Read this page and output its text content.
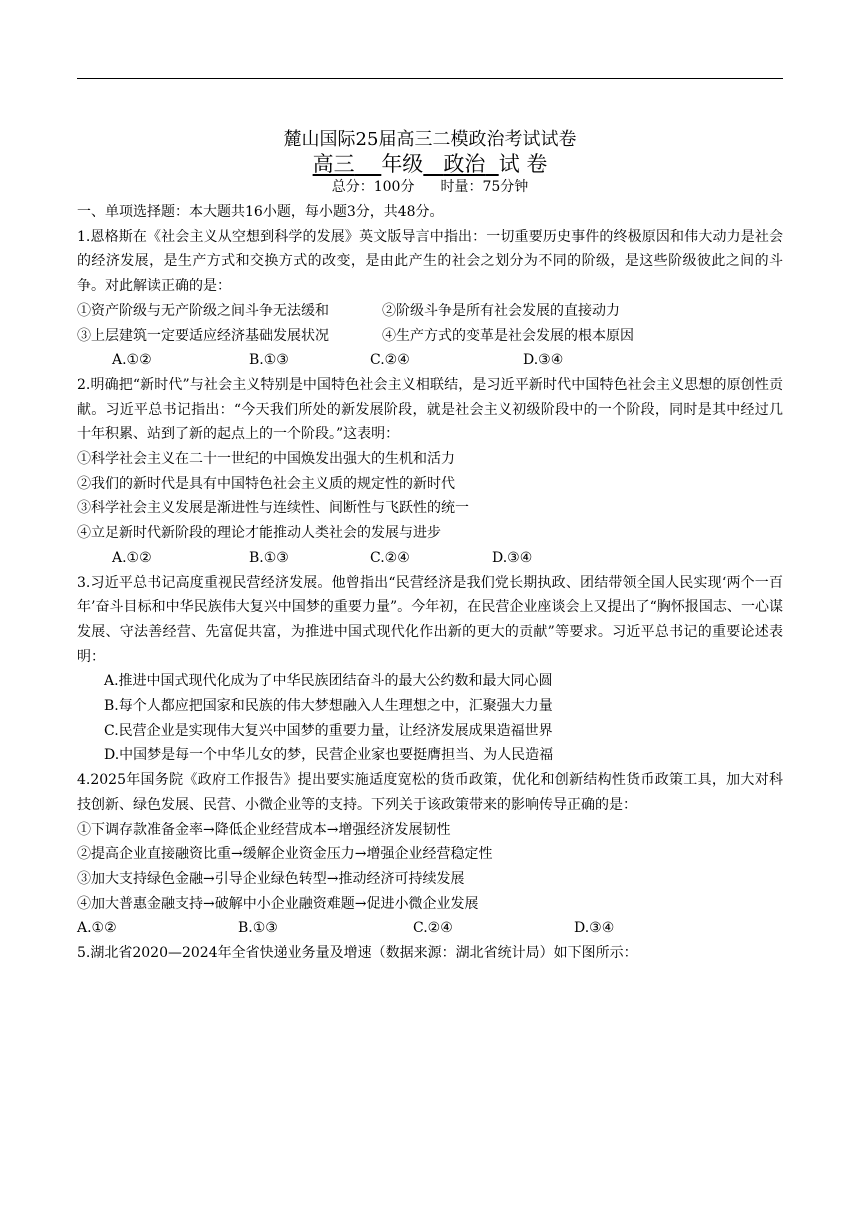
麓山国际25届高三二模政治考试试卷
高三 年级 政治 试 卷
总分：100分 时量：75分钟

一、单项选择题：本大题共16小题，每小题3分，共48分。

1.恩格斯在《社会主义从空想到科学的发展》英文版导言中指出：一切重要历史事件的终极原因和伟大动力是社会的经济发展，是生产方式和交换方式的改变，是由此产生的社会之划分为不同的阶级，是这些阶级彼此之间的斗争。对此解读正确的是：

①资产阶级与无产阶级之间斗争无法缓和	②阶级斗争是所有社会发展的直接动力
③上层建筑一定要适应经济基础发展状况	④生产方式的变革是社会发展的根本原因
A.①②	B.①③	C.②④	D.③④

2.明确把“新时代”与社会主义特别是中国特色社会主义相联结，是习近平新时代中国特色社会主义思想的原创性贡献。习近平总书记指出：“今天我们所处的新发展阶段，就是社会主义初级阶段中的一个阶段，同时是其中经过几十年积累、站到了新的起点上的一个阶段。”这表明：

①科学社会主义在二十一世纪的中国焕发出强大的生机和活力

②我们的新时代是具有中国特色社会主义质的规定性的新时代

③科学社会主义发展是渐进性与连续性、间断性与飞跃性的统一

④立足新时代新阶段的理论才能推动人类社会的发展与进步

A.①②	B.①③	C.②④	D.③④

3.习近平总书记高度重视民营经济发展。他曾指出“民营经济是我们党长期执政、团结带领全国人民实现‘两个一百年’奋斗目标和中华民族伟大复兴中国梦的重要力量”。今年初，在民营企业座谈会上又提出了“胸怀报国志、一心谋发展、守法善经营、先富促共富，为推进中国式现代化作出新的更大的贡献”等要求。习近平总书记的重要论述表明：

A.推进中国式现代化成为了中华民族团结奋斗的最大公约数和最大同心圆

B.每个人都应把国家和民族的伟大梦想融入人生理想之中，汇聚强大力量

C.民营企业是实现伟大复兴中国梦的重要力量，让经济发展成果造福世界

D.中国梦是每一个中华儿女的梦，民营企业家也要挺膺担当、为人民造福

4.2025年国务院《政府工作报告》提出要实施适度宽松的货币政策，优化和创新结构性货币政策工具，加大对科技创新、绿色发展、民营、小微企业等的支持。下列关于该政策带来的影响传导正确的是：

①下调存款准备金率→降低企业经营成本→增强经济发展韧性

②提高企业直接融资比重→缓解企业资金压力→增强企业经营稳定性

③加大支持绿色金融→引导企业绿色转型→推动经济可持续发展

④加大普惠金融支持→破解中小企业融资难题→促进小微企业发展

A.①②	B.①③	C.②④	D.③④

5.湖北省2020—2024年全省快递业务量及增速（数据来源：湖北省统计局）如下图所示：
